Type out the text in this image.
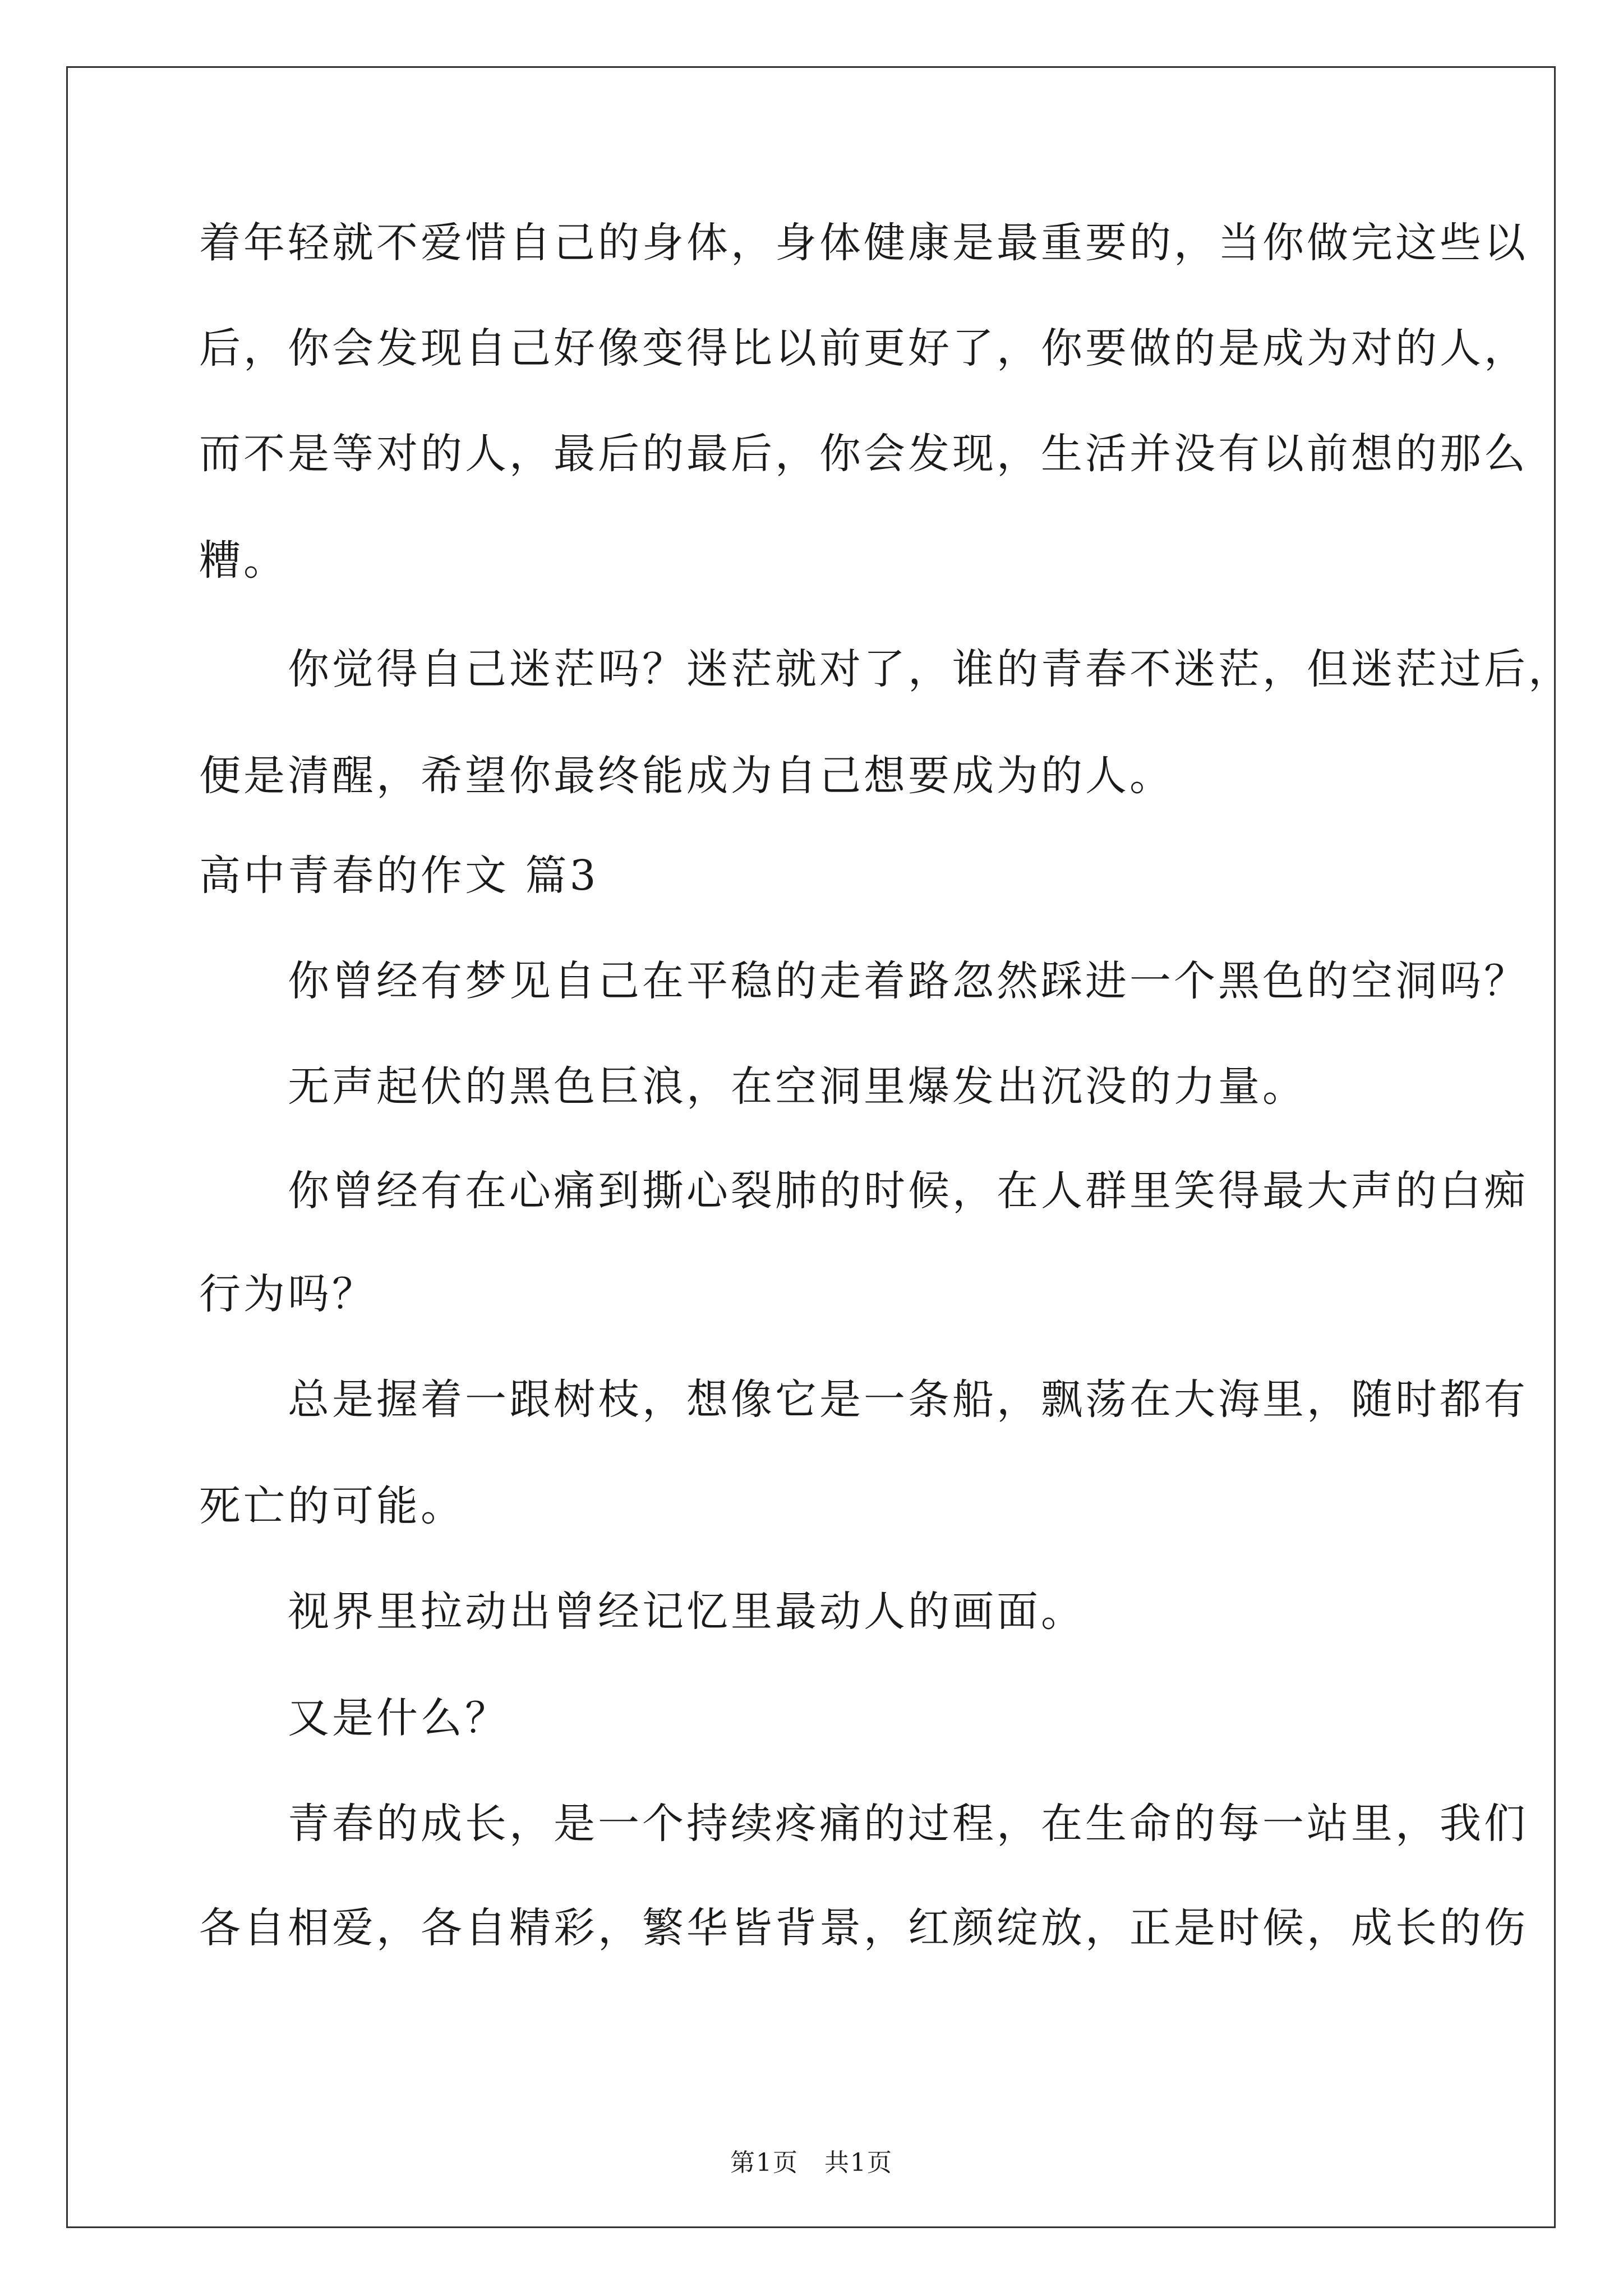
着年轻就不爱惜自己的身体，身体健康是最重要的，当你做完这些以
后，你会发现自己好像变得比以前更好了，你要做的是成为对的人，
而不是等对的人，最后的最后，你会发现，生活并没有以前想的那么
糟。
　　你觉得自己迷茫吗？迷茫就对了，谁的青春不迷茫，但迷茫过后，
便是清醒，希望你最终能成为自己想要成为的人。
高中青春的作文 篇3
　　你曾经有梦见自己在平稳的走着路忽然踩进一个黑色的空洞吗？
　　无声起伏的黑色巨浪，在空洞里爆发出沉没的力量。
　　你曾经有在心痛到撕心裂肺的时候，在人群里笑得最大声的白痴
行为吗？
　　总是握着一跟树枝，想像它是一条船，飘荡在大海里，随时都有
死亡的可能。
　　视界里拉动出曾经记忆里最动人的画面。
　　又是什么？
　　青春的成长，是一个持续疼痛的过程，在生命的每一站里，我们
各自相爱，各自精彩，繁华皆背景，红颜绽放，正是时候，成长的伤
第1页　共1页
